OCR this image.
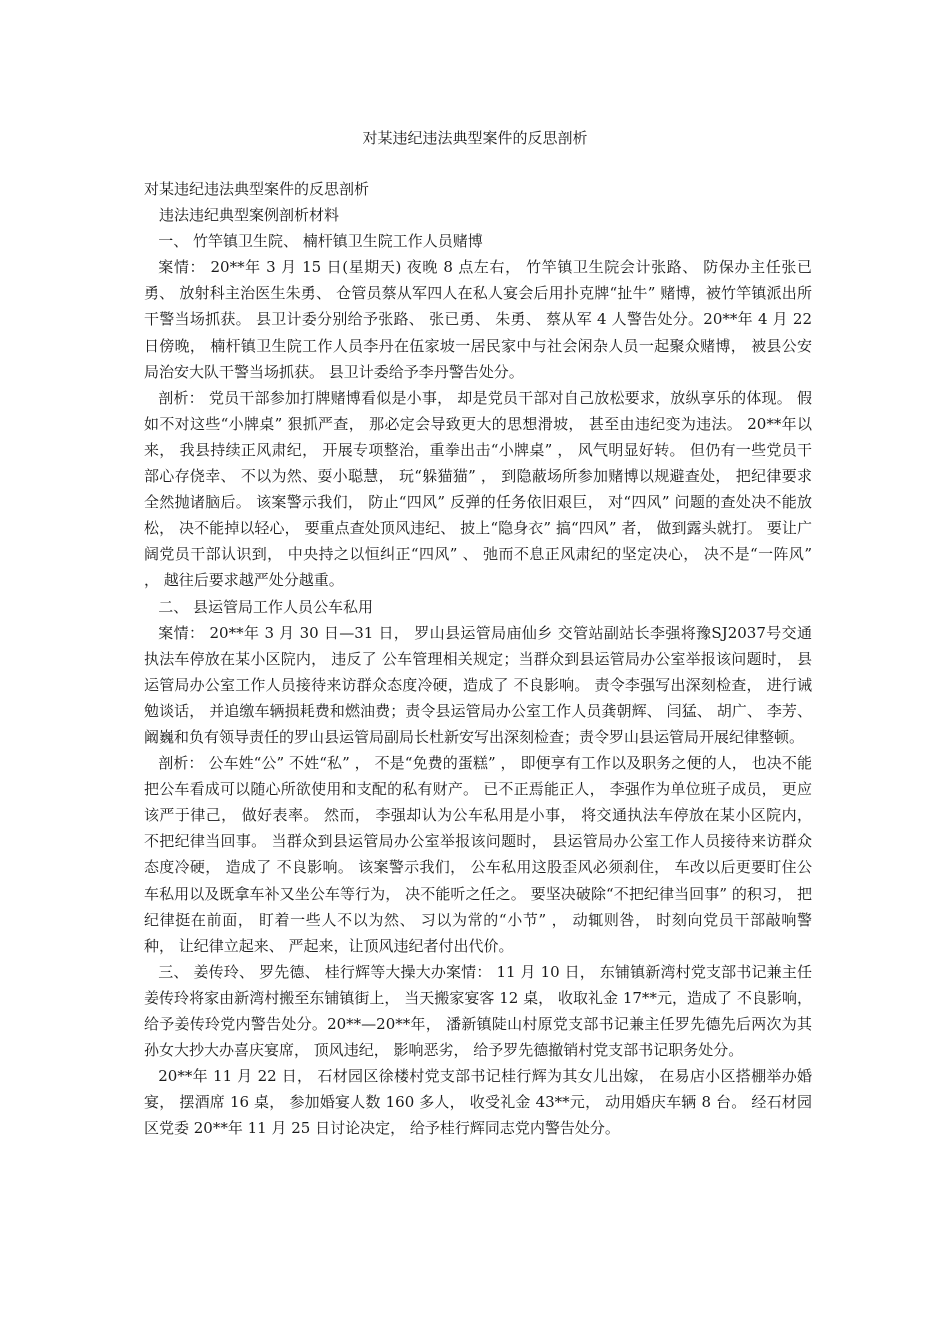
对某违纪违法典型案件的反思剖析

对某违纪违法典型案件的反思剖析

违法违纪典型案例剖析材料

一、 竹竿镇卫生院、 楠杆镇卫生院工作人员赌博

案情： 20**年 3 月 15 日(星期天) 夜晚 8 点左右， 竹竿镇卫生院会计张路、 防保办主任张已勇、 放射科主治医生朱勇、 仓管员蔡从军四人在私人宴会后用扑克牌“扯牛” 赌博，被竹竿镇派出所干警当场抓获。 县卫计委分别给予张路、 张已勇、 朱勇、 蔡从军 4 人警告处分。20**年 4 月 22 日傍晚， 楠杆镇卫生院工作人员李丹在伍家坡一居民家中与社会闲杂人员一起聚众赌博， 被县公安局治安大队干警当场抓获。 县卫计委给予李丹警告处分。

剖析： 党员干部参加打牌赌博看似是小事， 却是党员干部对自己放松要求，放纵享乐的体现。 假如不对这些“小牌桌” 狠抓严查， 那必定会导致更大的思想滑坡， 甚至由违纪变为违法。 20**年以来， 我县持续正风肃纪， 开展专项整治，重拳出击“小牌桌” ， 风气明显好转。 但仍有一些党员干部心存侥幸、 不以为然、耍小聪慧， 玩“躲猫猫” ， 到隐蔽场所参加赌博以规避查处， 把纪律要求全然抛诸脑后。 该案警示我们， 防止“四风” 反弹的任务依旧艰巨， 对“四风” 问题的查处决不能放松， 决不能掉以轻心， 要重点查处顶风违纪、 披上“隐身衣” 搞“四风” 者， 做到露头就打。 要让广阔党员干部认识到， 中央持之以恒纠正“四风” 、 弛而不息正风肃纪的坚定决心， 决不是“一阵风” ， 越往后要求越严处分越重。

二、 县运管局工作人员公车私用

案情： 20**年 3 月 30 日—31 日， 罗山县运管局庙仙乡 交管站副站长李强将豫SJ2037号交通执法车停放在某小区院内， 违反了 公车管理相关规定；当群众到县运管局办公室举报该问题时， 县运管局办公室工作人员接待来访群众态度冷硬，造成了 不良影响。 责令李强写出深刻检查， 进行诫勉谈话， 并追缴车辆损耗费和燃油费；责令县运管局办公室工作人员龚朝辉、 闫猛、 胡广、 李芳、 阚巍和负有领导责任的罗山县运管局副局长杜新安写出深刻检查；责令罗山县运管局开展纪律整顿。

剖析： 公车姓“公” 不姓“私” ， 不是“免费的蛋糕” ， 即便享有工作以及职务之便的人， 也决不能把公车看成可以随心所欲使用和支配的私有财产。 已不正焉能正人， 李强作为单位班子成员， 更应该严于律己， 做好表率。 然而， 李强却认为公车私用是小事， 将交通执法车停放在某小区院内， 不把纪律当回事。 当群众到县运管局办公室举报该问题时， 县运管局办公室工作人员接待来访群众态度冷硬， 造成了 不良影响。 该案警示我们， 公车私用这股歪风必须刹住， 车改以后更要盯住公车私用以及既拿车补又坐公车等行为， 决不能听之任之。 要坚决破除“不把纪律当回事” 的积习， 把纪律挺在前面， 盯着一些人不以为然、 习以为常的“小节” ， 动辄则咎， 时刻向党员干部敲响警种， 让纪律立起来、 严起来，让顶风违纪者付出代价。

三、 姜传玲、 罗先德、 桂行辉等大操大办案情： 11 月 10 日， 东铺镇新湾村党支部书记兼主任姜传玲将家由新湾村搬至东铺镇街上， 当天搬家宴客 12 桌， 收取礼金 17**元，造成了 不良影响， 给予姜传玲党内警告处分。20**—20**年， 潘新镇陡山村原党支部书记兼主任罗先德先后两次为其孙女大抄大办喜庆宴席， 顶风违纪， 影响恶劣， 给予罗先德撤销村党支部书记职务处分。

20**年 11 月 22 日， 石材园区徐楼村党支部书记桂行辉为其女儿出嫁， 在易店小区搭棚举办婚宴， 摆酒席 16 桌， 参加婚宴人数 160 多人， 收受礼金 43**元， 动用婚庆车辆 8 台。 经石材园区党委 20**年 11 月 25 日讨论决定， 给予桂行辉同志党内警告处分。
